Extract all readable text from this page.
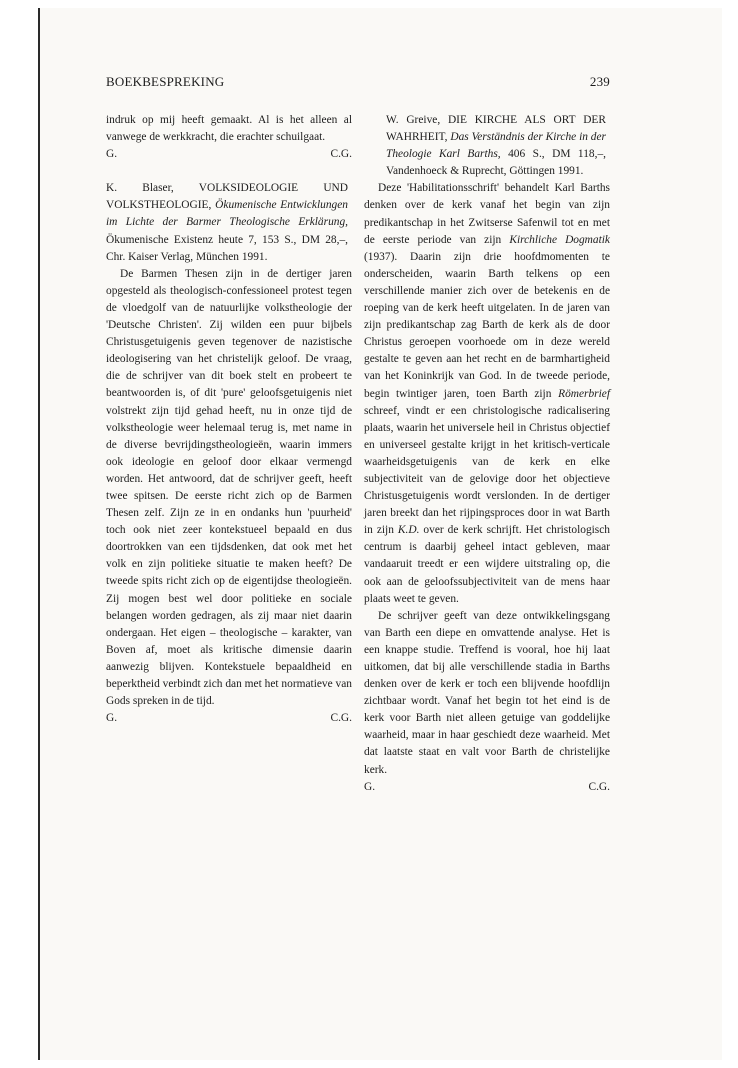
BOEKBESPREKING	239

indruk op mij heeft gemaakt. Al is het alleen al vanwege de werkkracht, die erachter schuilgaat.

G.	C.G.

K. Blaser, VOLKSIDEOLOGIE UND VOLKSTHEOLOGIE, Ökumenische Entwicklungen im Lichte der Barmer Theologische Erklärung, Ökumenische Existenz heute 7, 153 S., DM 28,–, Chr. Kaiser Verlag, München 1991.

De Barmen Thesen zijn in de dertiger jaren opgesteld als theologisch-confessioneel protest tegen de vloedgolf van de natuurlijke volkstheologie der 'Deutsche Christen'. Zij wilden een puur bijbels Christusgetuigenis geven tegenover de nazistische ideologisering van het christelijk geloof. De vraag, die de schrijver van dit boek stelt en probeert te beantwoorden is, of dit 'pure' geloofsgetuigenis niet volstrekt zijn tijd gehad heeft, nu in onze tijd de volkstheologie weer helemaal terug is, met name in de diverse bevrijdingstheologieën, waarin immers ook ideologie en geloof door elkaar vermengd worden. Het antwoord, dat de schrijver geeft, heeft twee spitsen. De eerste richt zich op de Barmen Thesen zelf. Zijn ze in en ondanks hun 'puurheid' toch ook niet zeer kontekstueel bepaald en dus doortrokken van een tijdsdenken, dat ook met het volk en zijn politieke situatie te maken heeft? De tweede spits richt zich op de eigentijdse theologieën. Zij mogen best wel door politieke en sociale belangen worden gedragen, als zij maar niet daarin ondergaan. Het eigen – theologische – karakter, van Boven af, moet als kritische dimensie daarin aanwezig blijven. Kontekstuele bepaaldheid en beperktheid verbindt zich dan met het normatieve van Gods spreken in de tijd.

G.	C.G.

W. Greive, DIE KIRCHE ALS ORT DER WAHRHEIT, Das Verständnis der Kirche in der Theologie Karl Barths, 406 S., DM 118,–, Vandenhoeck & Ruprecht, Göttingen 1991.

Deze 'Habilitationsschrift' behandelt Karl Barths denken over de kerk vanaf het begin van zijn predikantschap in het Zwitserse Safenwil tot en met de eerste periode van zijn Kirchliche Dogmatik (1937). Daarin zijn drie hoofdmomenten te onderscheiden, waarin Barth telkens op een verschillende manier zich over de betekenis en de roeping van de kerk heeft uitgelaten. In de jaren van zijn predikantschap zag Barth de kerk als de door Christus geroepen voorhoede om in deze wereld gestalte te geven aan het recht en de barmhartigheid van het Koninkrijk van God. In de tweede periode, begin twintiger jaren, toen Barth zijn Römerbrief schreef, vindt er een christologische radicalisering plaats, waarin het universele heil in Christus objectief en universeel gestalte krijgt in het kritisch-verticale waarheidsgetuigenis van de kerk en elke subjectiviteit van de gelovige door het objectieve Christusgetuigenis wordt verslonden. In de dertiger jaren breekt dan het rijpingsproces door in wat Barth in zijn K.D. over de kerk schrijft. Het christologisch centrum is daarbij geheel intact gebleven, maar vandaaruit treedt er een wijdere uitstraling op, die ook aan de geloofssubjectiviteit van de mens haar plaats weet te geven.

De schrijver geeft van deze ontwikkelingsgang van Barth een diepe en omvattende analyse. Het is een knappe studie. Treffend is vooral, hoe hij laat uitkomen, dat bij alle verschillende stadia in Barths denken over de kerk er toch een blijvende hoofdlijn zichtbaar wordt. Vanaf het begin tot het eind is de kerk voor Barth niet alleen getuige van goddelijke waarheid, maar in haar geschiedt deze waarheid. Met dat laatste staat en valt voor Barth de christelijke kerk.

G.	C.G.
